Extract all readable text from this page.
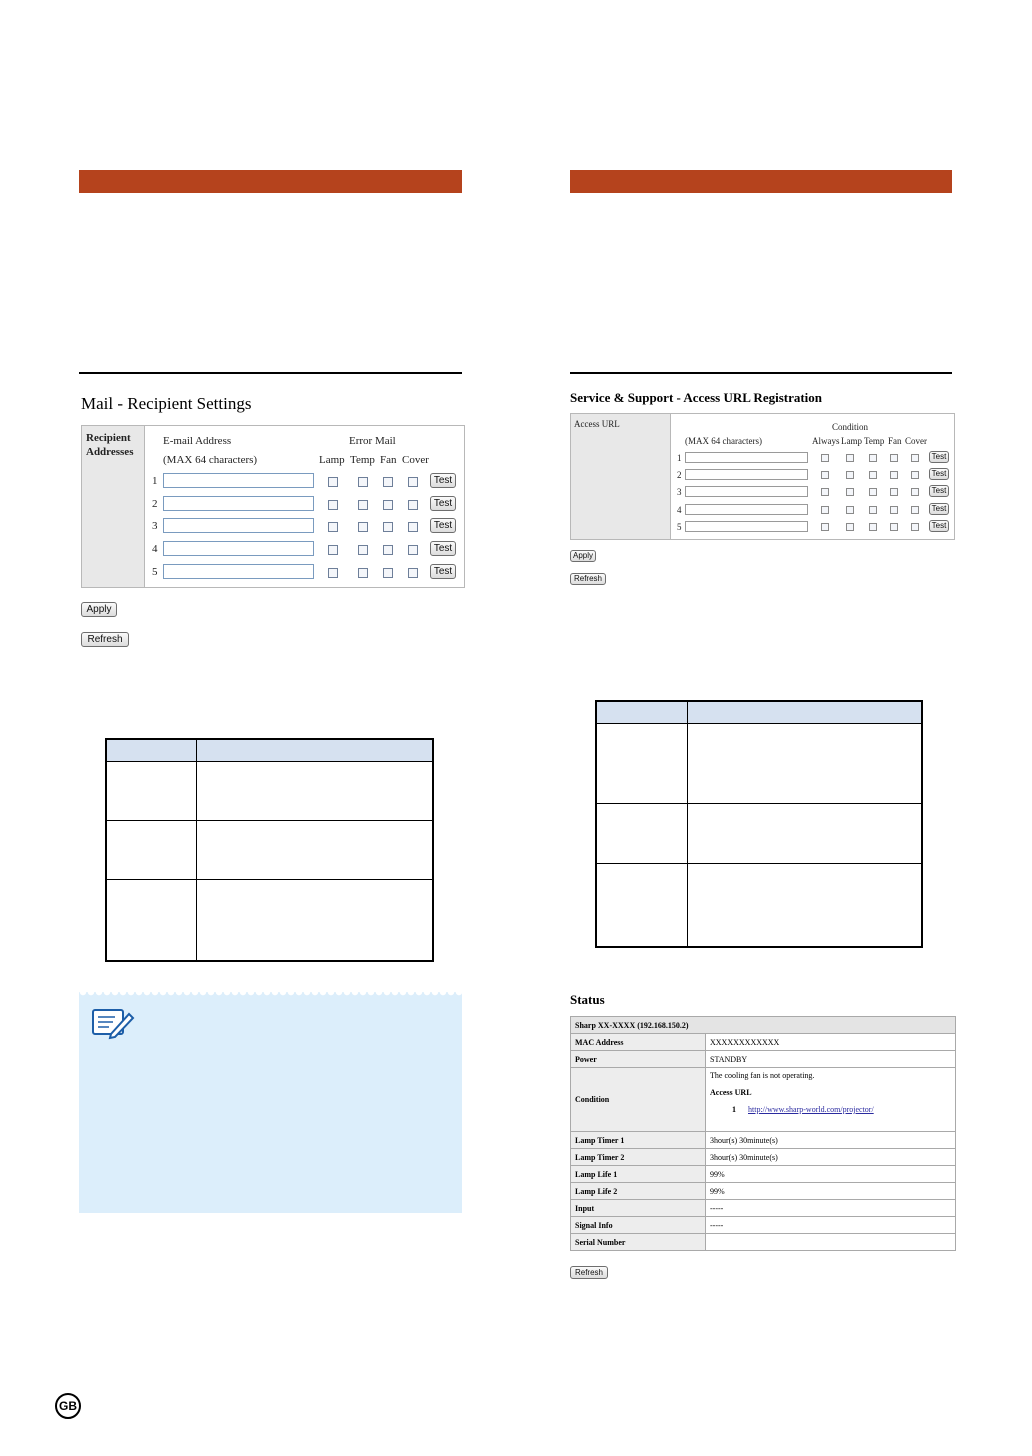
Mail - Recipient Settings
Recipient
Addresses
E-mail Address
(MAX 64 characters)
Error Mail
Lamp Temp Fan Cover
1	Test
2	Test
3	Test
4	Test
5	Test
Apply
Refresh

Service & Support - Access URL Registration
Access URL	Condition
(MAX 64 characters)	Always Lamp Temp Fan Cover
1	Test
2	Test
3	Test
4	Test
5	Test
Apply
Refresh

Status
Sharp XX-XXXX (192.168.150.2)	
MAC Address	XXXXXXXXXXXX
Power	STANDBY
Condition	The cooling fan is not operating.
Access URL
1 http://www.sharp-world.com/projector/

Lamp Timer 1	3hour(s) 30minute(s)
Lamp Timer 2	3hour(s) 30minute(s)
Lamp Life 1	99%
Lamp Life 2	99%
Input	-----
Signal Info	-----
Serial Number	
Refresh
GB
